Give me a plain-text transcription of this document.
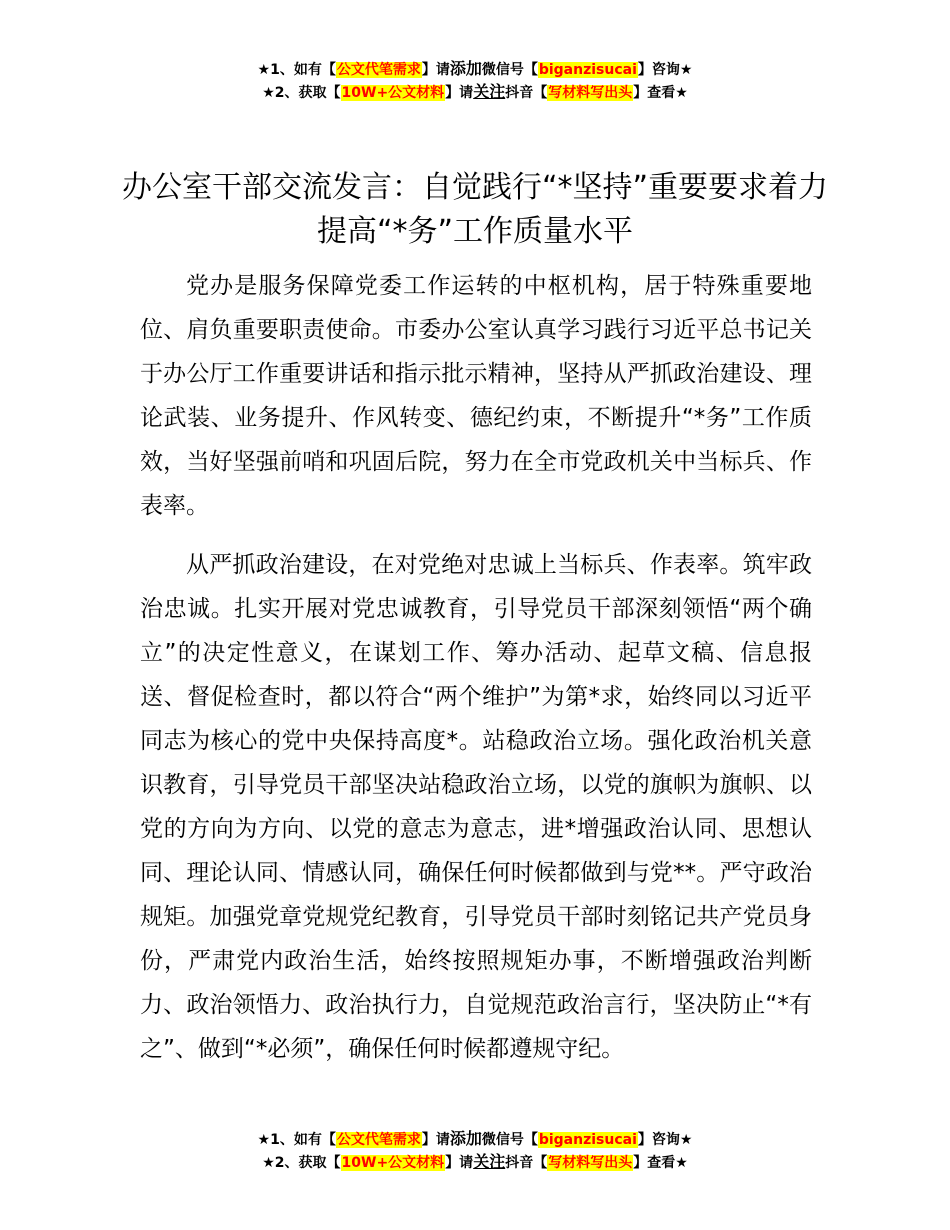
★1、如有【公文代笔需求】请添加微信号【biganzisucai】咨询★
★2、获取【10W+公文材料】请关注抖音【写材料写出头】查看★
办公室干部交流发言：自觉践行“*坚持”重要要求着力提高“*务”工作质量水平

党办是服务保障党委工作运转的中枢机构，居于特殊重要地位、肩负重要职责使命。市委办公室认真学习践行习近平总书记关于办公厅工作重要讲话和指示批示精神，坚持从严抓政治建设、理论武装、业务提升、作风转变、德纪约束，不断提升“*务”工作质效，当好坚强前哨和巩固后院，努力在全市党政机关中当标兵、作表率。

从严抓政治建设，在对党绝对忠诚上当标兵、作表率。筑牢政治忠诚。扎实开展对党忠诚教育，引导党员干部深刻领悟“两个确立”的决定性意义，在谋划工作、筹办活动、起草文稿、信息报送、督促检查时，都以符合“两个维护”为第*求，始终同以习近平同志为核心的党中央保持高度*。站稳政治立场。强化政治机关意识教育，引导党员干部坚决站稳政治立场，以党的旗帜为旗帜、以党的方向为方向、以党的意志为意志，进*增强政治认同、思想认同、理论认同、情感认同，确保任何时候都做到与党**。严守政治规矩。加强党章党规党纪教育，引导党员干部时刻铭记共产党员身份，严肃党内政治生活，始终按照规矩办事，不断增强政治判断力、政治领悟力、政治执行力，自觉规范政治言行，坚决防止“*有之”、做到“*必须”，确保任何时候都遵规守纪。

★1、如有【公文代笔需求】请添加微信号【biganzisucai】咨询★
★2、获取【10W+公文材料】请关注抖音【写材料写出头】查看★
